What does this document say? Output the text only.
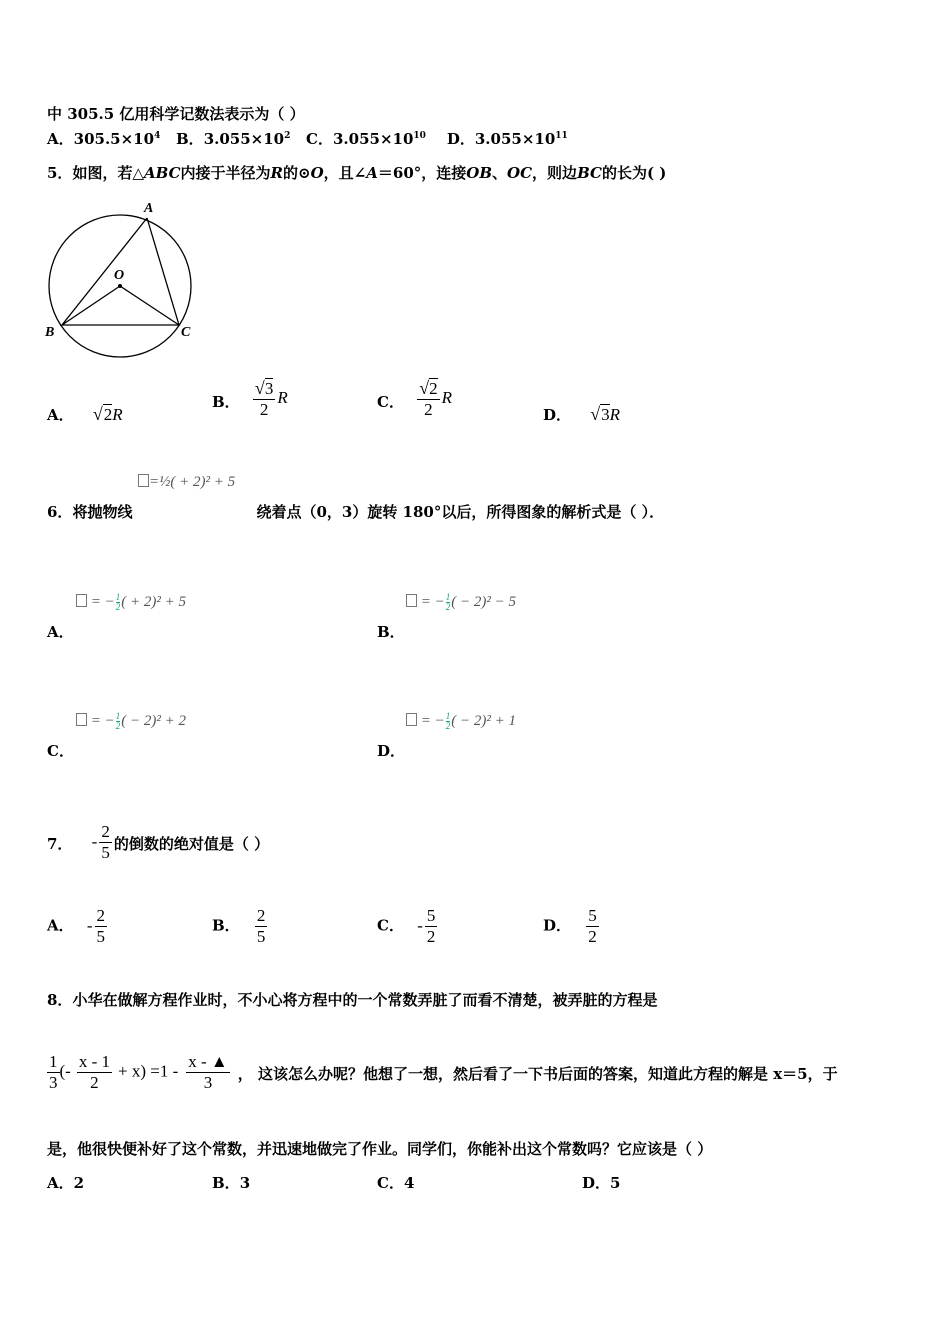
中 305.5 亿用科学记数法表示为（ ）
A．$305.5\times 10^4$ B．$3.055\times 10^2$ C．$3.055\times 10^{10}$ D．$3.055\times 10^{11}$
5．如图，若△ABC内接于半径为R的⊙O，且∠A＝60°，连接OB、OC，则边BC的长为( )
A
O
B	C
A． √2R
B． $\frac{√3}{2}$ R	C． $\frac{√2}{2}$ R
D． √3R
=½( + 2)² + 5
6．将抛物线	绕着点（0，3）旋转 180°以后，所得图象的解析式是（ ）．
= − $\frac{1}{2}$ ( + 2)² + 5
A．
= − $\frac{1}{2}$ ( − 2)² − 5
B．
= − $\frac{1}{2}$ ( − 2)² + 2
C．
= − $\frac{1}{2}$ ( − 2)² + 1
D．
7． - $\frac{2}{5}$ 的倒数的绝对值是（ ）
A． - $\frac{2}{5}$	B． $\frac{2}{5}$	C． - $\frac{5}{2}$	D． $\frac{5}{2}$
8．小华在做解方程作业时，不小心将方程中的一个常数弄脏了而看不清楚，被弄脏的方程是
$\frac{1}{3}$ (- $\frac{x - 1}{2} + x) =1 - \frac{x - ▲}{3}$ ， 这该怎么办呢？他想了一想，然后看了一下书后面的答案，知道此方程的解是 x＝5，于
是，他很快便补好了这个常数，并迅速地做完了作业。同学们，你能补出这个常数吗？它应该是（ ）
A．2	B．3	C．4	D．5
